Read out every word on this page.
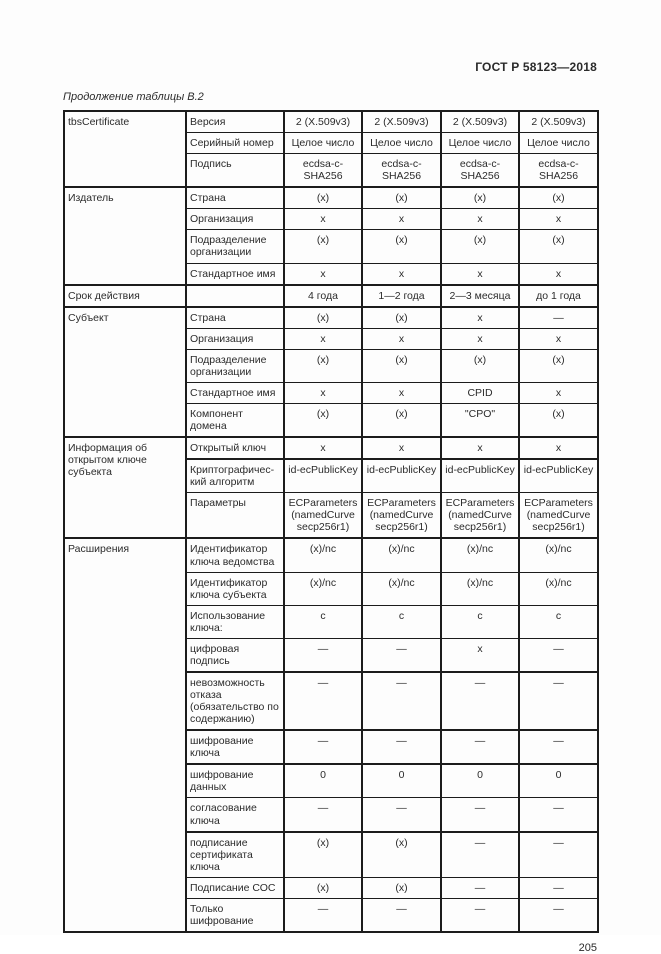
ГОСТ Р 58123—2018
Продолжение таблицы В.2
tbsCertificate	Версия	2 (X.509v3)	2 (X.509v3)	2 (X.509v3)	2 (X.509v3)
	Серийный номер	Целое число	Целое число	Целое число	Целое число
	Подпись	ecdsa-c-SHA256	ecdsa-c-SHA256	ecdsa-c-SHA256	ecdsa-c-SHA256
Издатель	Страна	(x)	(x)	(x)	(x)
	Организация	x	x	x	x
	Подразделение организации	(x)	(x)	(x)	(x)
	Стандартное имя	x	x	x	x
Срок действия		4 года	1—2 года	2—3 месяца	до 1 года
Субъект	Страна	(x)	(x)	x	—
	Организация	x	x	x	x
	Подразделение организации	(x)	(x)	(x)	(x)
	Стандартное имя	x	x	CPID	x
	Компонент домена	(x)	(x)	"CPO"	(x)
Информация об открытом ключе субъекта	Открытый ключ	x	x	x	x
	Криптографический алгоритм	id-ecPublicKey	id-ecPublicKey	id-ecPublicKey	id-ecPublicKey
	Параметры	ECParameters (namedCurve secp256r1)	ECParameters (namedCurve secp256r1)	ECParameters (namedCurve secp256r1)	ECParameters (namedCurve secp256r1)
Расширения	Идентификатор ключа ведомства	(x)/nc	(x)/nc	(x)/nc	(x)/nc
	Идентификатор ключа субъекта	(x)/nc	(x)/nc	(x)/nc	(x)/nc
	Использование ключа:	c	c	c	c
	цифровая подпись	—	—	x	—
	невозможность отказа (обязательство по содержанию)	—	—	—	—
	шифрование ключа	—	—	—	—
	шифрование данных	0	0	0	0
	согласование ключа	—	—	—	—
	подписание сертификата ключа	(x)	(x)	—	—
	Подписание СОС	(x)	(x)	—	—
	Только шифрование	—	—	—	—
205
